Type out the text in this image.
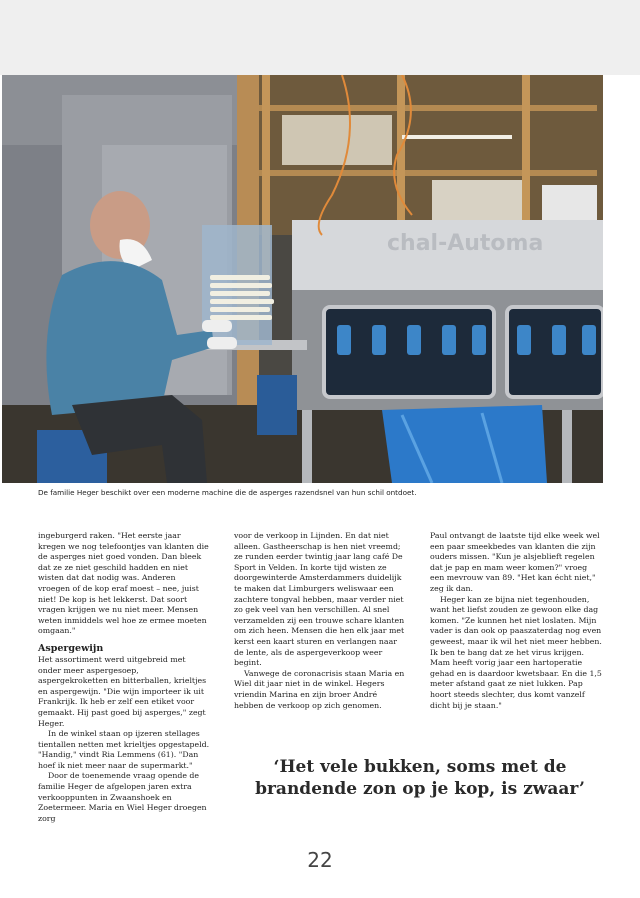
chal-Automa
De familie Heger beschikt over een moderne machine die de asperges razendsnel van hun schil ontdoet.

ingeburgerd raken. "Het eerste jaar kregen we nog telefoontjes van klanten die de asperges niet goed vonden. Dan bleek dat ze ze niet geschild hadden en niet wisten dat dat nodig was. Anderen vroegen of de kop eraf moest – nee, juist niet! De kop is het lekkerst. Dat soort vragen krijgen we nu niet meer. Mensen weten inmiddels wel hoe ze ermee moeten omgaan."

Aspergewijn

Het assortiment werd uitgebreid met onder meer aspergesoep, aspergekroketten en bitterballen, krieltjes en aspergewijn. "Die wijn importeer ik uit Frankrijk. Ik heb er zelf een etiket voor gemaakt. Hij past goed bij asperges," zegt Heger.

In de winkel staan op ijzeren stellages tientallen netten met krieltjes opgestapeld. "Handig," vindt Ria Lemmens (61). "Dan hoef ik niet meer naar de supermarkt."

Door de toenemende vraag opende de familie Heger de afgelopen jaren extra verkooppunten in Zwaanshoek en Zoetermeer. Maria en Wiel Heger droegen zorg

voor de verkoop in Lijnden. En dat niet alleen. Gastheerschap is hen niet vreemd; ze runden eerder twintig jaar lang café De Sport in Velden. In korte tijd wisten ze doorgewinterde Amsterdammers duidelijk te maken dat Limburgers weliswaar een zachtere tongval hebben, maar verder niet zo gek veel van hen verschillen. Al snel verzamelden zij een trouwe schare klanten om zich heen. Mensen die hen elk jaar met kerst een kaart sturen en verlangen naar de lente, als de aspergeverkoop weer begint.

Vanwege de coronacrisis staan Maria en Wiel dit jaar niet in de winkel. Hegers vriendin Marina en zijn broer André hebben de verkoop op zich genomen.

Paul ontvangt de laatste tijd elke week wel een paar smeekbedes van klanten die zijn ouders missen. "Kun je alsjeblieft regelen dat je pap en mam weer komen?" vroeg een mevrouw van 89. "Het kan écht niet," zeg ik dan.

Heger kan ze bijna niet tegenhouden, want het liefst zouden ze gewoon elke dag komen. "Ze kunnen het niet loslaten. Mijn vader is dan ook op paaszaterdag nog even geweest, maar ik wil het niet meer hebben. Ik ben te bang dat ze het virus krijgen. Mam heeft vorig jaar een hartoperatie gehad en is daardoor kwetsbaar. En die 1,5 meter afstand gaat ze niet lukken. Pap hoort steeds slechter, dus komt vanzelf dicht bij je staan."

‘Het vele bukken, soms met de
brandende zon op je kop, is zwaar’
22
